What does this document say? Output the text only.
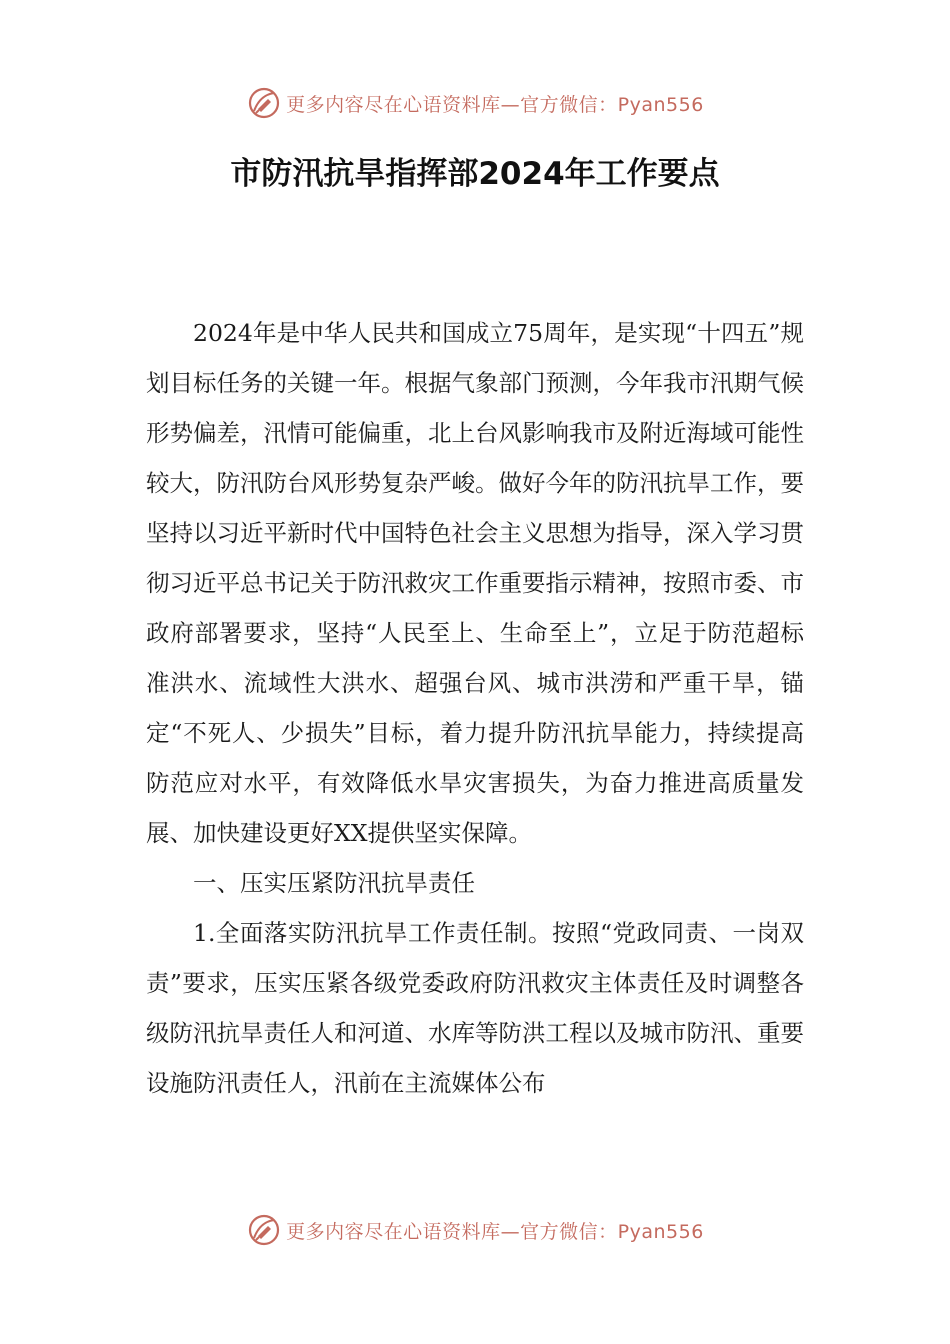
更多内容尽在心语资料库—官方微信：Pyan556
市防汛抗旱指挥部2024年工作要点

2024年是中华人民共和国成立75周年，是实现“十四五”规划目标任务的关键一年。根据气象部门预测，今年我市汛期气候形势偏差，汛情可能偏重，北上台风影响我市及附近海域可能性较大，防汛防台风形势复杂严峻。做好今年的防汛抗旱工作，要坚持以习近平新时代中国特色社会主义思想为指导，深入学习贯彻习近平总书记关于防汛救灾工作重要指示精神，按照市委、市政府部署要求，坚持“人民至上、生命至上”，立足于防范超标准洪水、流域性大洪水、超强台风、城市洪涝和严重干旱，锚定“不死人、少损失”目标，着力提升防汛抗旱能力，持续提高防范应对水平，有效降低水旱灾害损失，为奋力推进高质量发展、加快建设更好XX提供坚实保障。

一、压实压紧防汛抗旱责任

1.全面落实防汛抗旱工作责任制。按照“党政同责、一岗双责”要求，压实压紧各级党委政府防汛救灾主体责任及时调整各级防汛抗旱责任人和河道、水库等防洪工程以及城市防汛、重要设施防汛责任人，汛前在主流媒体公布

更多内容尽在心语资料库—官方微信：Pyan556
